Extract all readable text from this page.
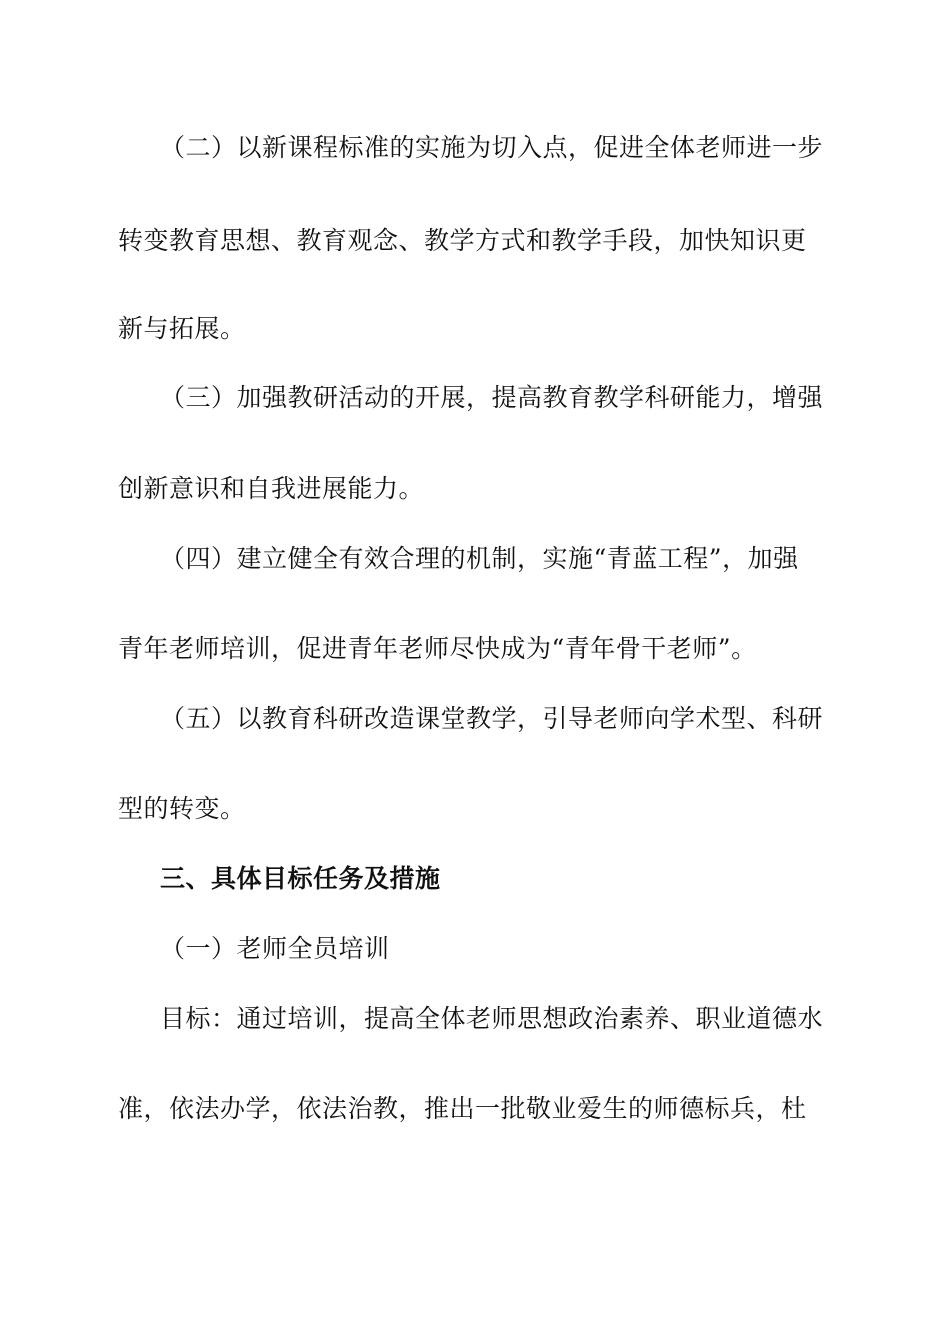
（二）以新课程标准的实施为切入点，促进全体老师进一步
转变教育思想、教育观念、教学方式和教学手段，加快知识更
新与拓展。
（三）加强教研活动的开展，提高教育教学科研能力，增强
创新意识和自我进展能力。
（四）建立健全有效合理的机制，实施“青蓝工程”，加强
青年老师培训，促进青年老师尽快成为“青年骨干老师”。
（五）以教育科研改造课堂教学，引导老师向学术型、科研
型的转变。
三、具体目标任务及措施
（一）老师全员培训
目标：通过培训，提高全体老师思想政治素养、职业道德水
准，依法办学，依法治教，推出一批敬业爱生的师德标兵，杜
